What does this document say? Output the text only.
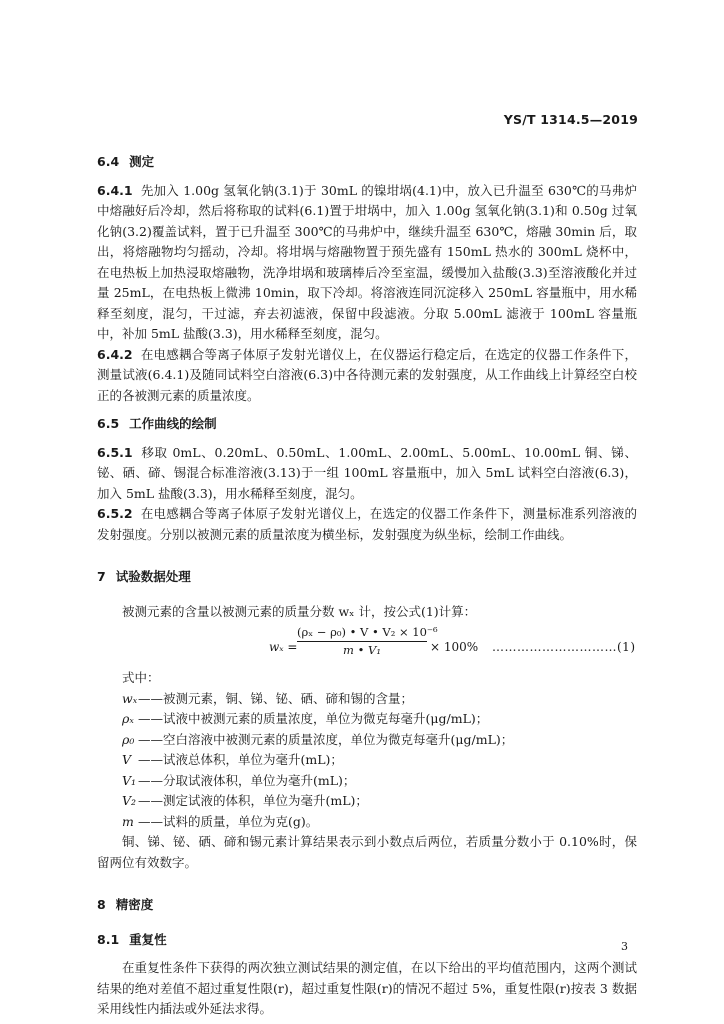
YS/T 1314.5—2019
6.4 测定
6.4.1 先加入 1.00g 氢氧化钠(3.1)于 30mL 的镍坩埚(4.1)中，放入已升温至 630℃的马弗炉中熔融好后冷却，然后将称取的试料(6.1)置于坩埚中，加入 1.00g 氢氧化钠(3.1)和 0.50g 过氧化钠(3.2)覆盖试料，置于已升温至 300℃的马弗炉中，继续升温至 630℃，熔融 30min 后，取出，将熔融物均匀摇动，冷却。将坩埚与熔融物置于预先盛有 150mL 热水的 300mL 烧杯中，在电热板上加热浸取熔融物，洗净坩埚和玻璃棒后冷至室温，缓慢加入盐酸(3.3)至溶液酸化并过量 25mL，在电热板上微沸 10min，取下冷却。将溶液连同沉淀移入 250mL 容量瓶中，用水稀释至刻度，混匀，干过滤，弃去初滤液，保留中段滤液。分取 5.00mL 滤液于 100mL 容量瓶中，补加 5mL 盐酸(3.3)，用水稀释至刻度，混匀。
6.4.2 在电感耦合等离子体原子发射光谱仪上，在仪器运行稳定后，在选定的仪器工作条件下，测量试液(6.4.1)及随同试料空白溶液(6.3)中各待测元素的发射强度，从工作曲线上计算经空白校正的各被测元素的质量浓度。
6.5 工作曲线的绘制
6.5.1 移取 0mL、0.20mL、0.50mL、1.00mL、2.00mL、5.00mL、10.00mL 铜、锑、铋、硒、碲、锡混合标准溶液(3.13)于一组 100mL 容量瓶中，加入 5mL 试料空白溶液(6.3)，加入 5mL 盐酸(3.3)，用水稀释至刻度，混匀。
6.5.2 在电感耦合等离子体原子发射光谱仪上，在选定的仪器工作条件下，测量标准系列溶液的发射强度。分别以被测元素的质量浓度为横坐标，发射强度为纵坐标，绘制工作曲线。
7 试验数据处理
被测元素的含量以被测元素的质量分数 wₓ 计，按公式(1)计算：
$w_x = \frac{\text{(ρₓ − ρ₀) • V • V₂ × 10⁻⁶}}{\text{m • V₁}} \times 100\%$ …………………………(1)
式中：
wₓ——被测元素，铜、锑、铋、硒、碲和锡的含量；
ρₓ ——试液中被测元素的质量浓度，单位为微克每毫升(μg/mL)；
ρ₀ ——空白溶液中被测元素的质量浓度，单位为微克每毫升(μg/mL)；
V ——试液总体积，单位为毫升(mL)；
V₁ ——分取试液体积，单位为毫升(mL)；
V₂ ——测定试液的体积，单位为毫升(mL)；
m ——试料的质量，单位为克(g)。
铜、锑、铋、硒、碲和锡元素计算结果表示到小数点后两位，若质量分数小于 0.10%时，保留两位有效数字。
8 精密度
8.1 重复性
在重复性条件下获得的两次独立测试结果的测定值，在以下给出的平均值范围内，这两个测试结果的绝对差值不超过重复性限(r)，超过重复性限(r)的情况不超过 5%，重复性限(r)按表 3 数据采用线性内插法或外延法求得。
3
